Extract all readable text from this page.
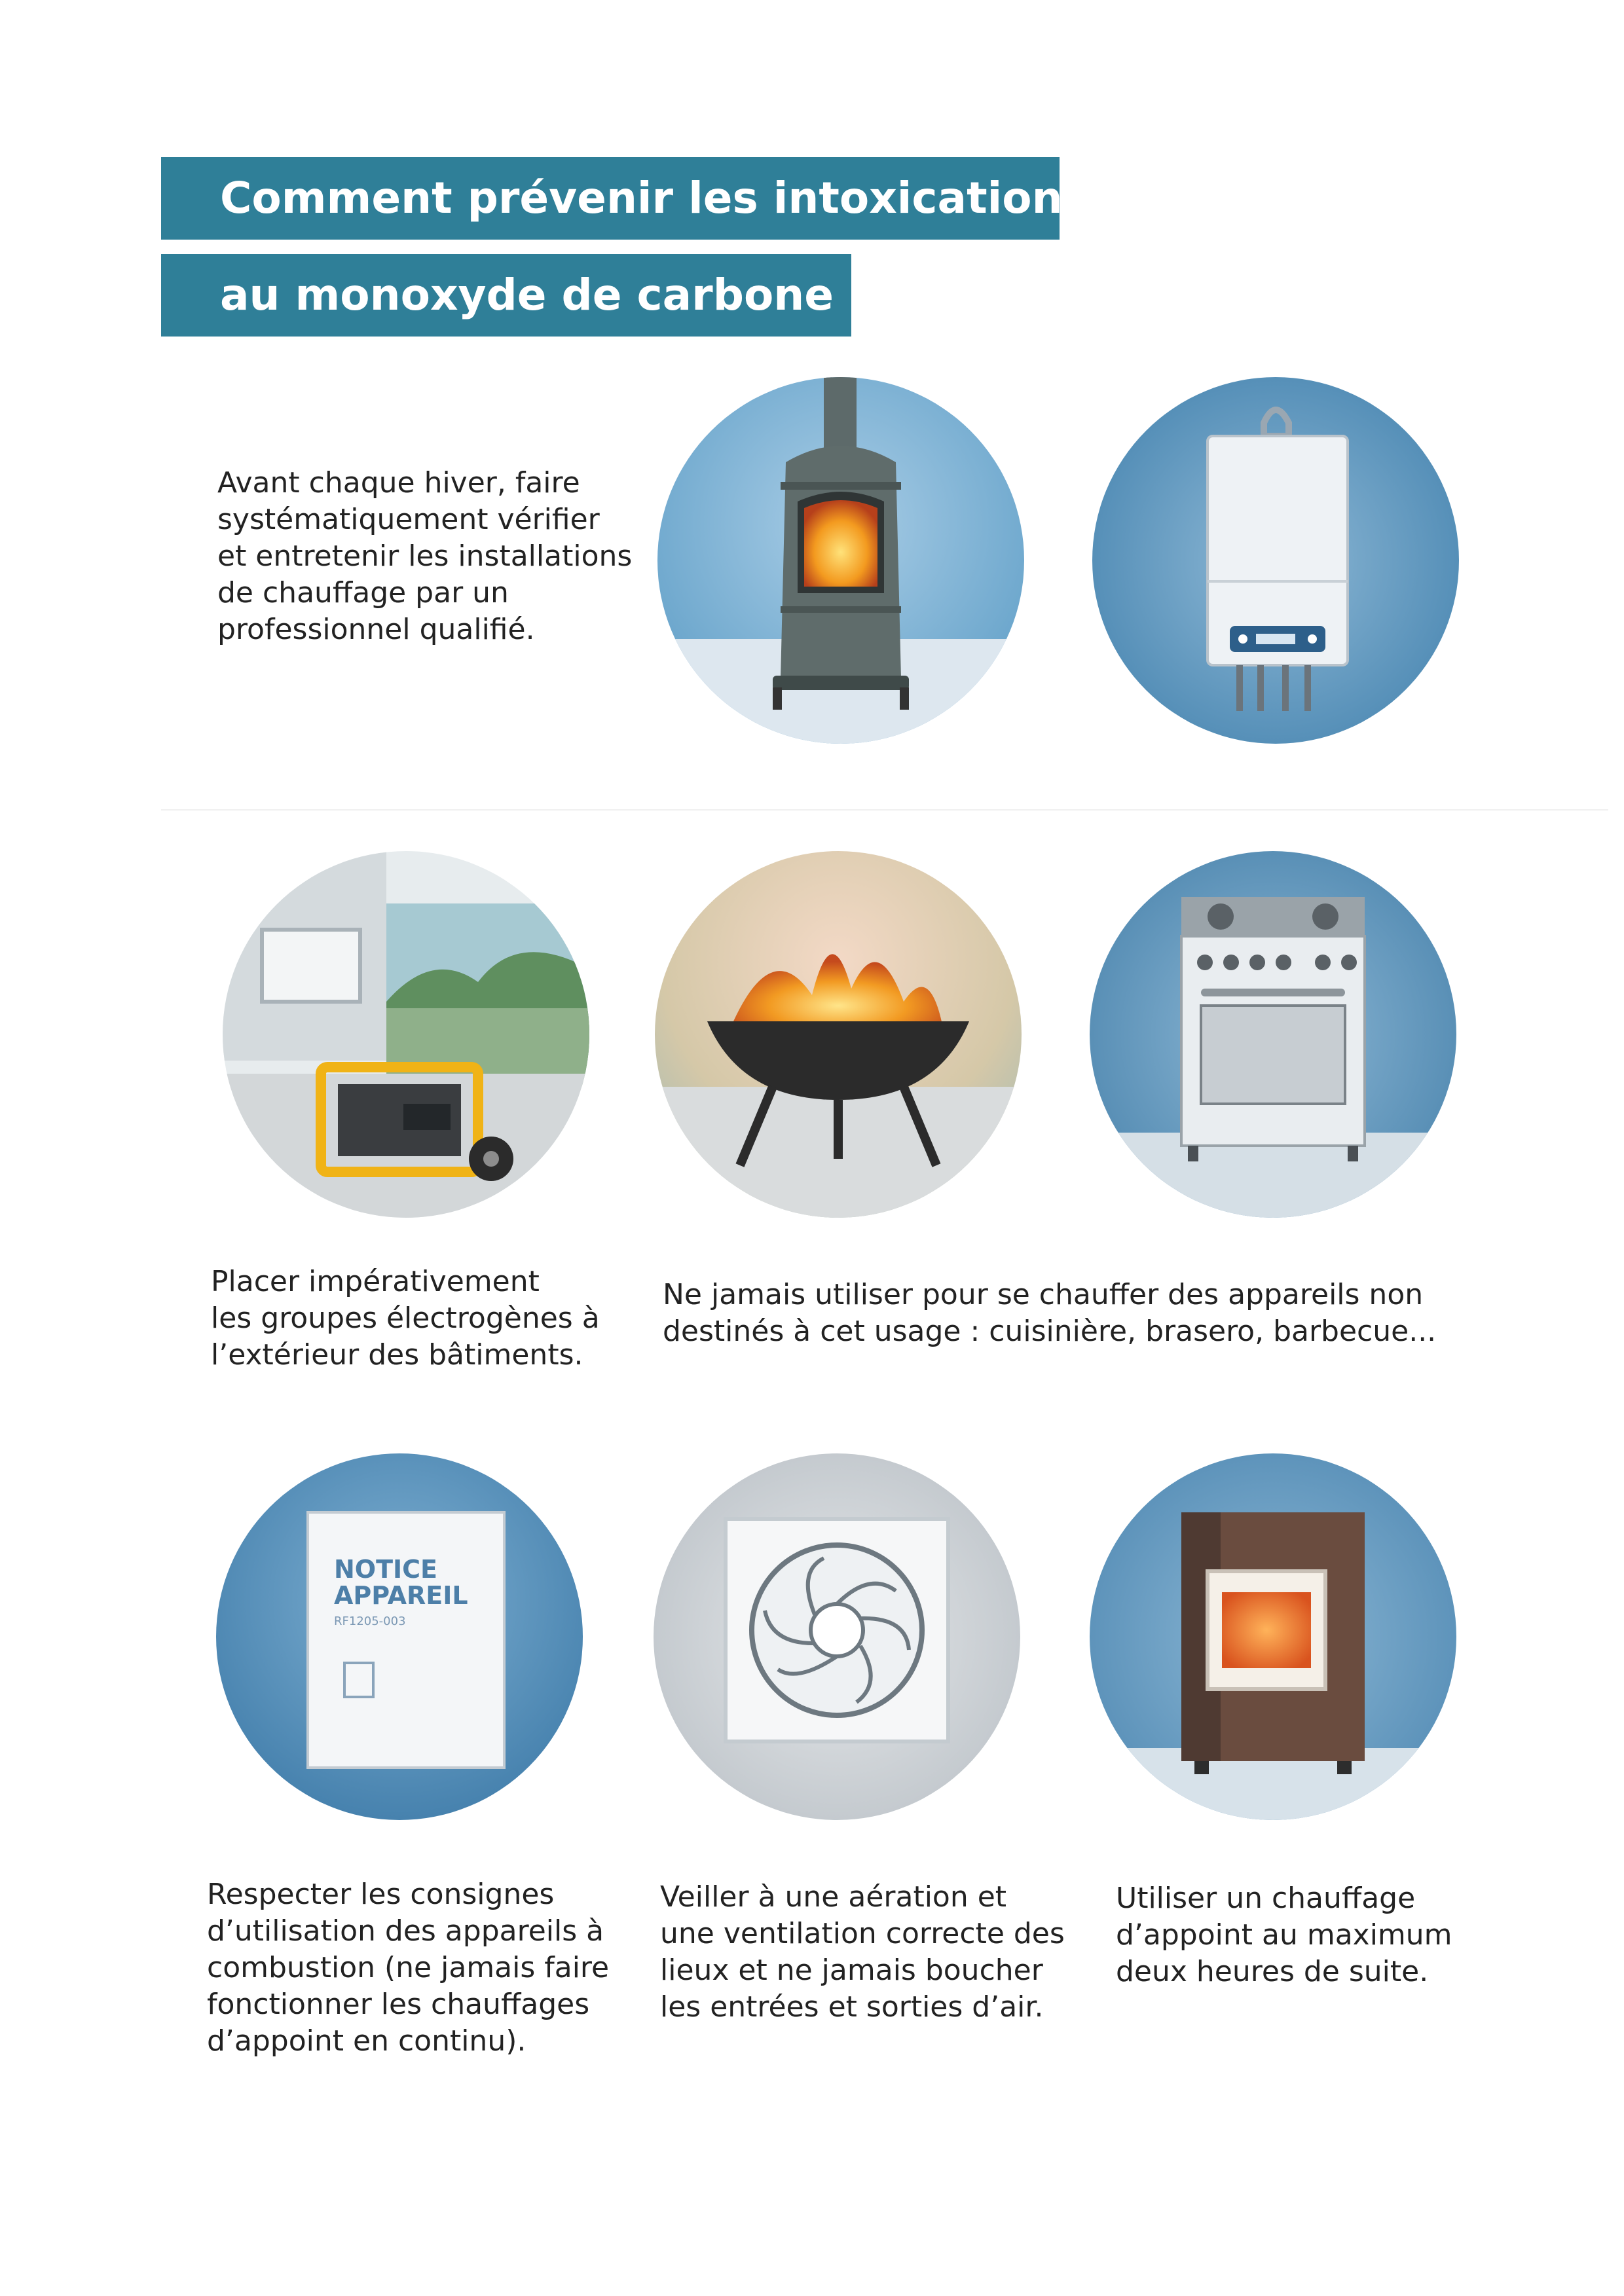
Comment prévenir les intoxications
au monoxyde de carbone ?
Avant chaque hiver, faire
systématiquement vérifier
et entretenir les installations
de chauffage par un
professionnel qualifié.
Placer impérativement
les groupes électrogènes à
l’extérieur des bâtiments.
Ne jamais utiliser pour se chauffer des appareils non
destinés à cet usage : cuisinière, brasero, barbecue...
NOTICE
APPAREIL
RF1205-003
Respecter les consignes
d’utilisation des appareils à
combustion (ne jamais faire
fonctionner les chauffages
d’appoint en continu).
Veiller à une aération et
une ventilation correcte des
lieux et ne jamais boucher
les entrées et sorties d’air.
Utiliser un chauffage
d’appoint au maximum
deux heures de suite.
